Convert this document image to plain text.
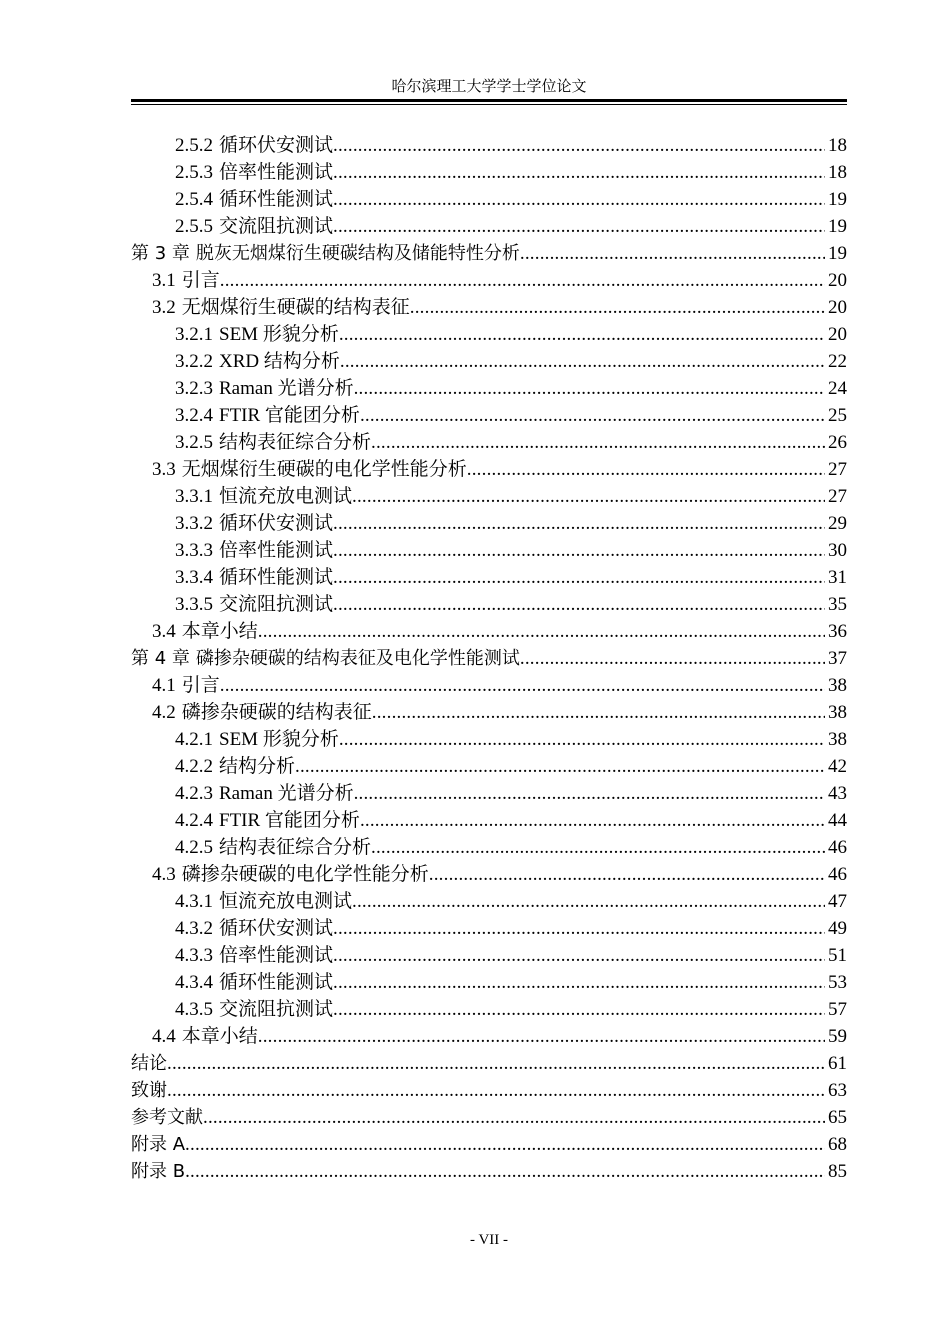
哈尔滨理工大学学士学位论文
2.5.2 循环伏安测试 .....	18
2.5.3 倍率性能测试 .....	18
2.5.4 循环性能测试 .....	19
2.5.5 交流阻抗测试 .....	19
第 3 章 脱灰无烟煤衍生硬碳结构及储能特性分析 .....	19
3.1 引言 .....	20
3.2 无烟煤衍生硬碳的结构表征 .....	20
3.2.1 SEM 形貌分析 .....	20
3.2.2 XRD 结构分析 .....	22
3.2.3 Raman 光谱分析 .....	24
3.2.4 FTIR 官能团分析 .....	25
3.2.5 结构表征综合分析 .....	26
3.3 无烟煤衍生硬碳的电化学性能分析 .....	27
3.3.1 恒流充放电测试 .....	27
3.3.2 循环伏安测试 .....	29
3.3.3 倍率性能测试 .....	30
3.3.4 循环性能测试 .....	31
3.3.5 交流阻抗测试 .....	35
3.4 本章小结 .....	36
第 4 章 磷掺杂硬碳的结构表征及电化学性能测试 .....	37
4.1 引言 .....	38
4.2 磷掺杂硬碳的结构表征 .....	38
4.2.1 SEM 形貌分析 .....	38
4.2.2 结构分析 .....	42
4.2.3 Raman 光谱分析 .....	43
4.2.4 FTIR 官能团分析 .....	44
4.2.5 结构表征综合分析 .....	46
4.3 磷掺杂硬碳的电化学性能分析 .....	46
4.3.1 恒流充放电测试 .....	47
4.3.2 循环伏安测试 .....	49
4.3.3 倍率性能测试 .....	51
4.3.4 循环性能测试 .....	53
4.3.5 交流阻抗测试 .....	57
4.4 本章小结 .....	59
结论 .....	61
致谢 .....	63
参考文献 .....	65
附录 A .....	68
附录 B .....	85
- VII -
